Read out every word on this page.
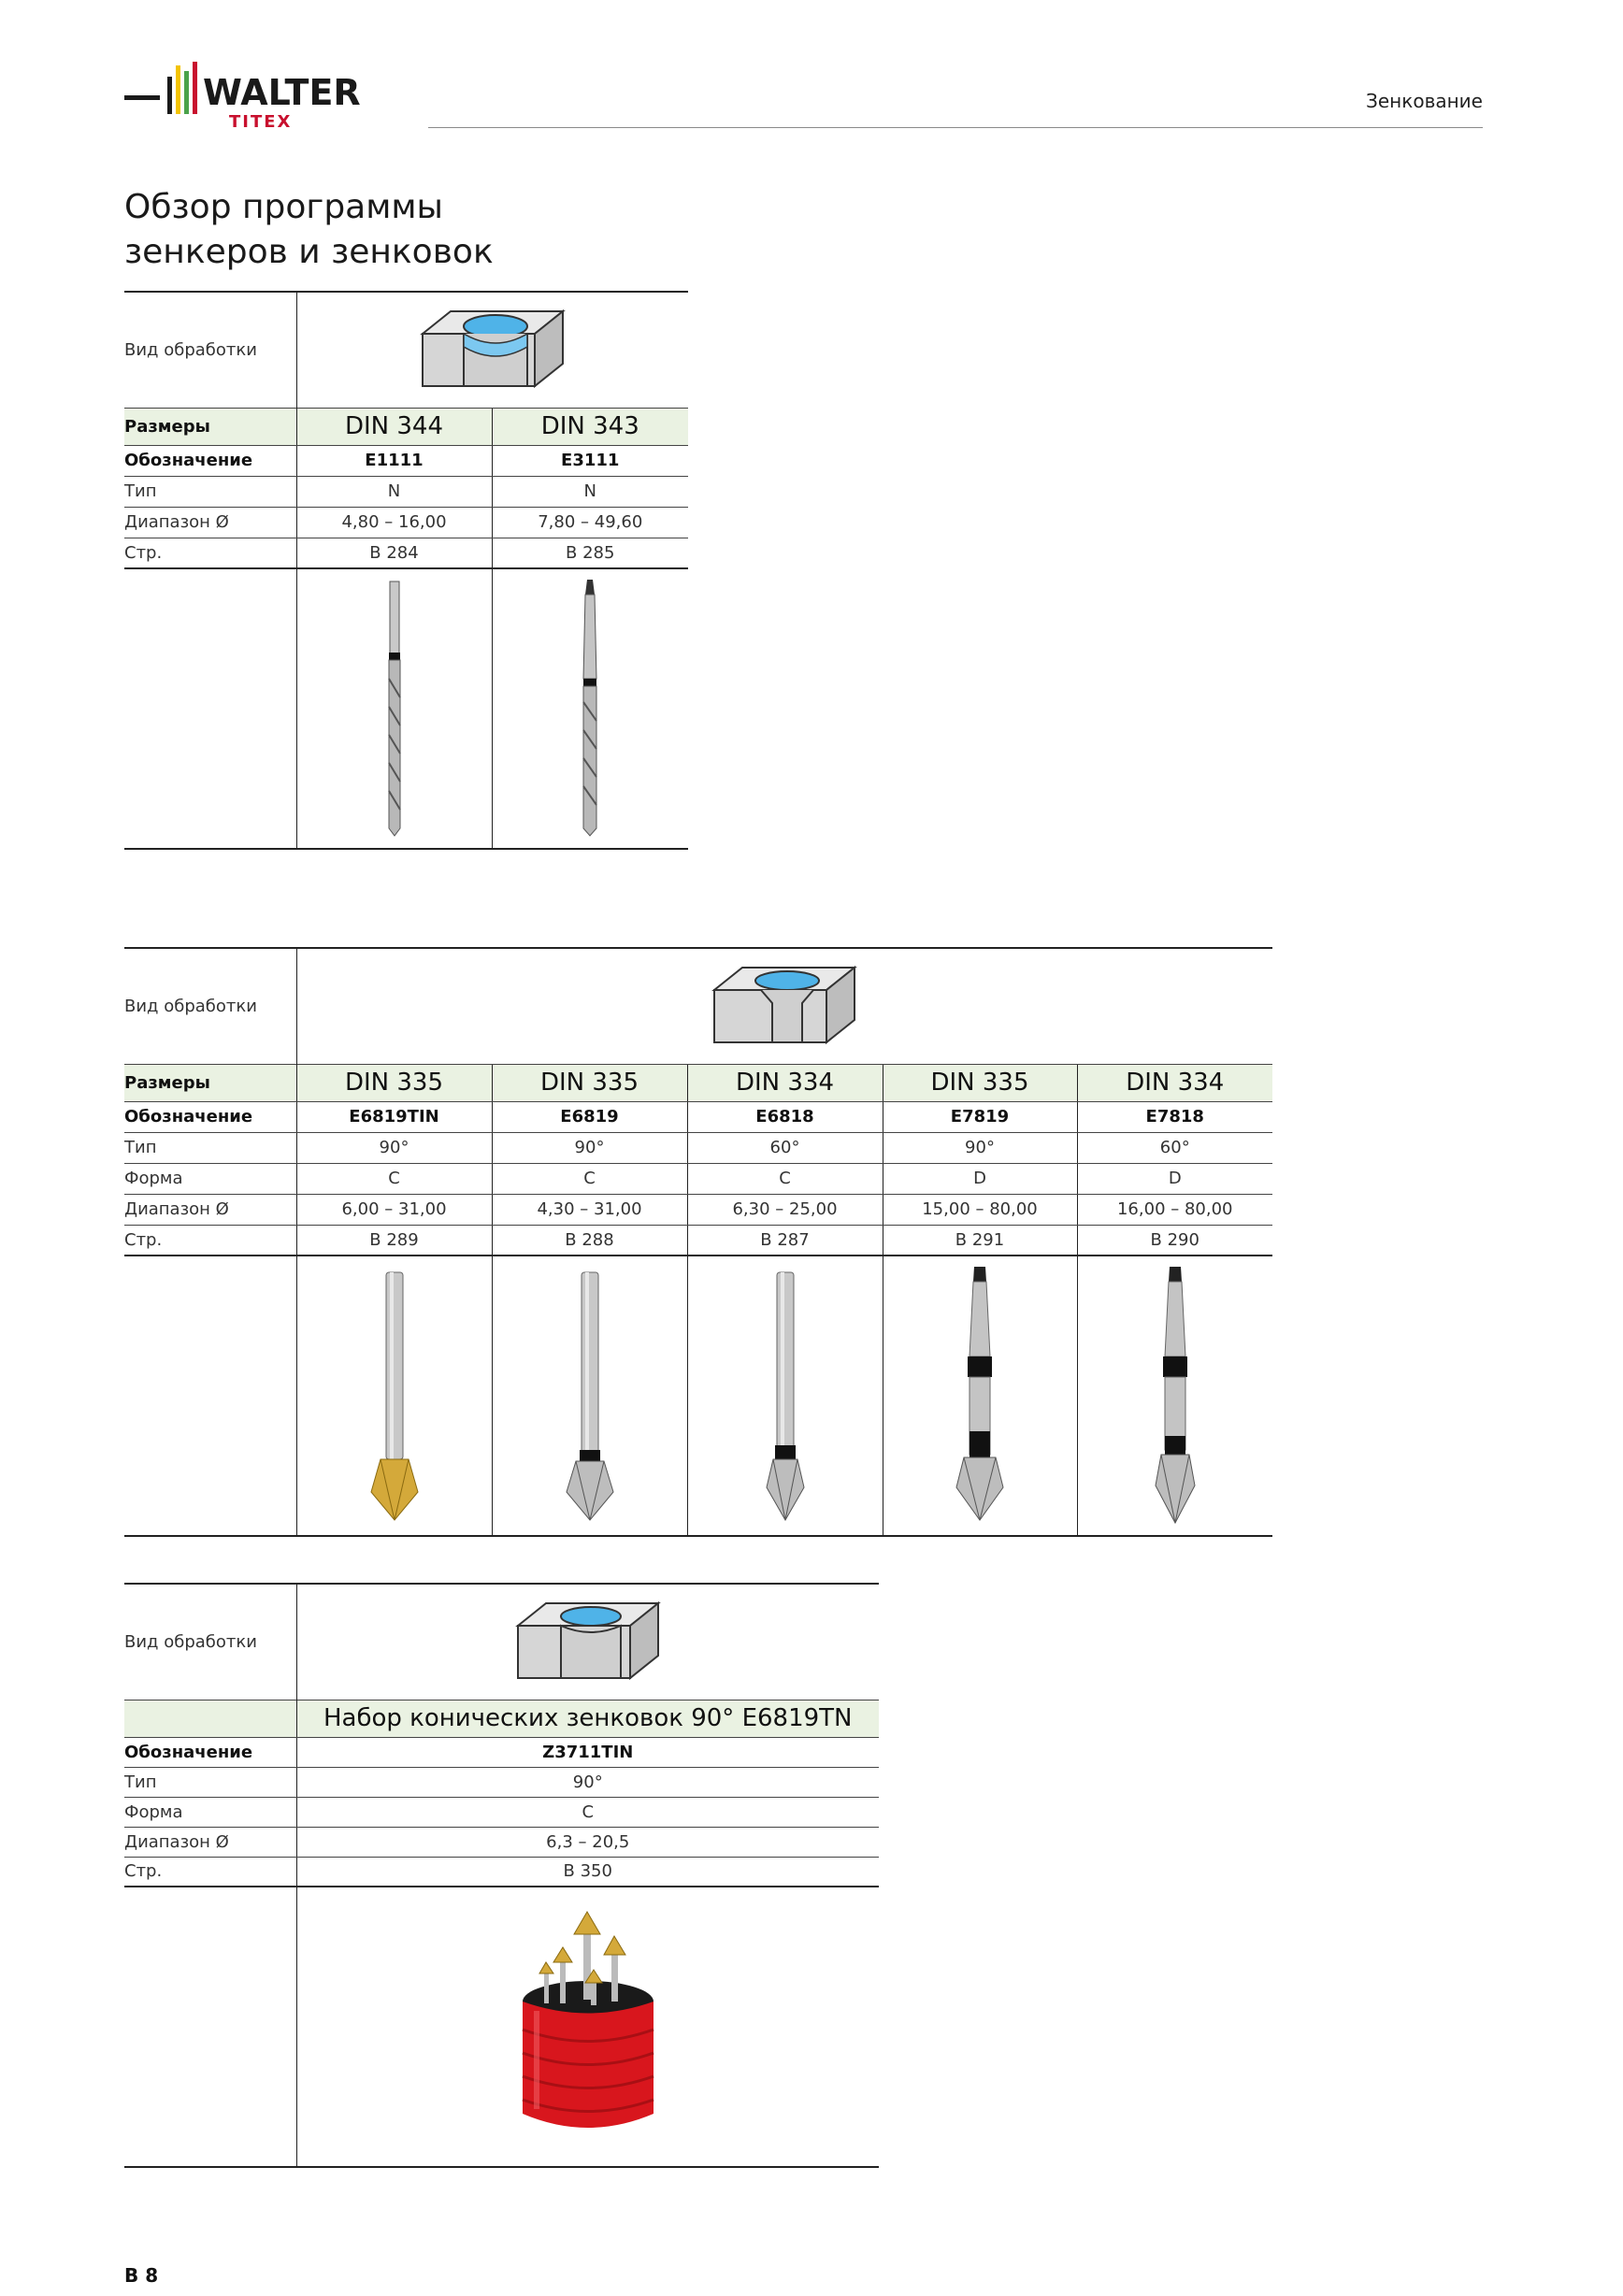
WALTER
TITEX
Зенкование
Обзор программы
зенкеров и зенковок
Вид обработки	
Размеры	DIN 344	DIN 343
Обозначение	E1111	E3111
Тип	N	N
Диапазон Ø	4,80 – 16,00	7,80 – 49,60
Стр.	B 284	B 285

Вид обработки	
Размеры	DIN 335	DIN 335	DIN 334	DIN 335	DIN 334
Обозначение	E6819TIN	E6819	E6818	E7819	E7818
Тип	90°	90°	60°	90°	60°
Форма	C	C	C	D	D
Диапазон Ø	6,00 – 31,00	4,30 – 31,00	6,30 – 25,00	15,00 – 80,00	16,00 – 80,00
Стр.	B 289	B 288	B 287	B 291	B 290

Вид обработки	
	Набор конических зенковок 90° E6819TN
Обозначение	Z3711TIN
Тип	90°
Форма	C
Диапазон Ø	6,3 – 20,5
Стр.	B 350

B 8
